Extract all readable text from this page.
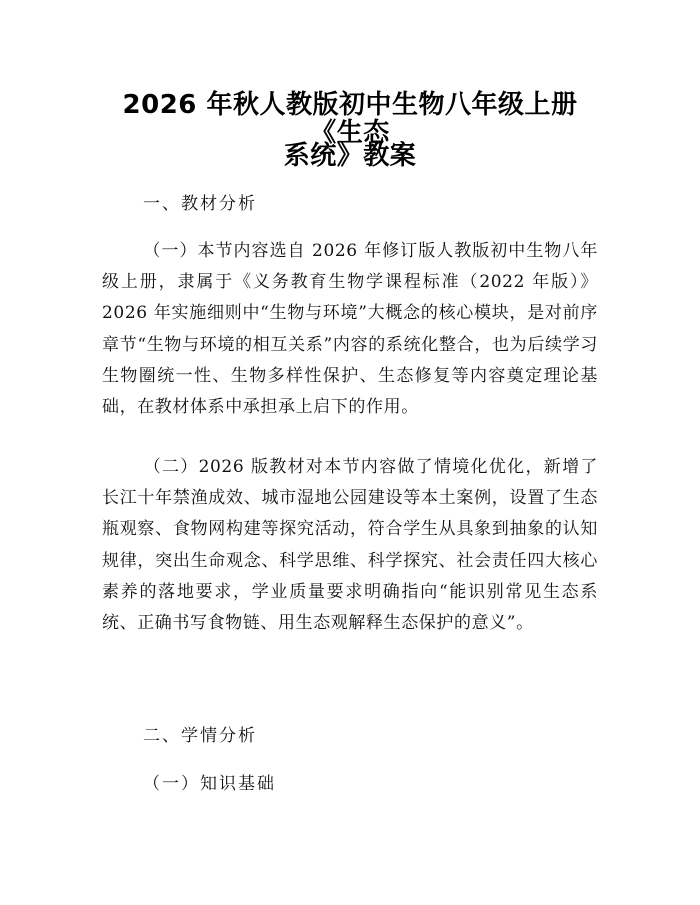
2026 年秋人教版初中生物八年级上册《生态
系统》教案
一、教材分析

（一）本节内容选自 2026 年修订版人教版初中生物八年级上册，隶属于《义务教育生物学课程标准（2022 年版）》2026 年实施细则中“生物与环境”大概念的核心模块，是对前序章节“生物与环境的相互关系”内容的系统化整合，也为后续学习生物圈统一性、生物多样性保护、生态修复等内容奠定理论基础，在教材体系中承担承上启下的作用。

（二）2026 版教材对本节内容做了情境化优化，新增了长江十年禁渔成效、城市湿地公园建设等本土案例，设置了生态瓶观察、食物网构建等探究活动，符合学生从具象到抽象的认知规律，突出生命观念、科学思维、科学探究、社会责任四大核心素养的落地要求，学业质量要求明确指向“能识别常见生态系统、正确书写食物链、用生态观解释生态保护的意义”。

二、学情分析
（一）知识基础
